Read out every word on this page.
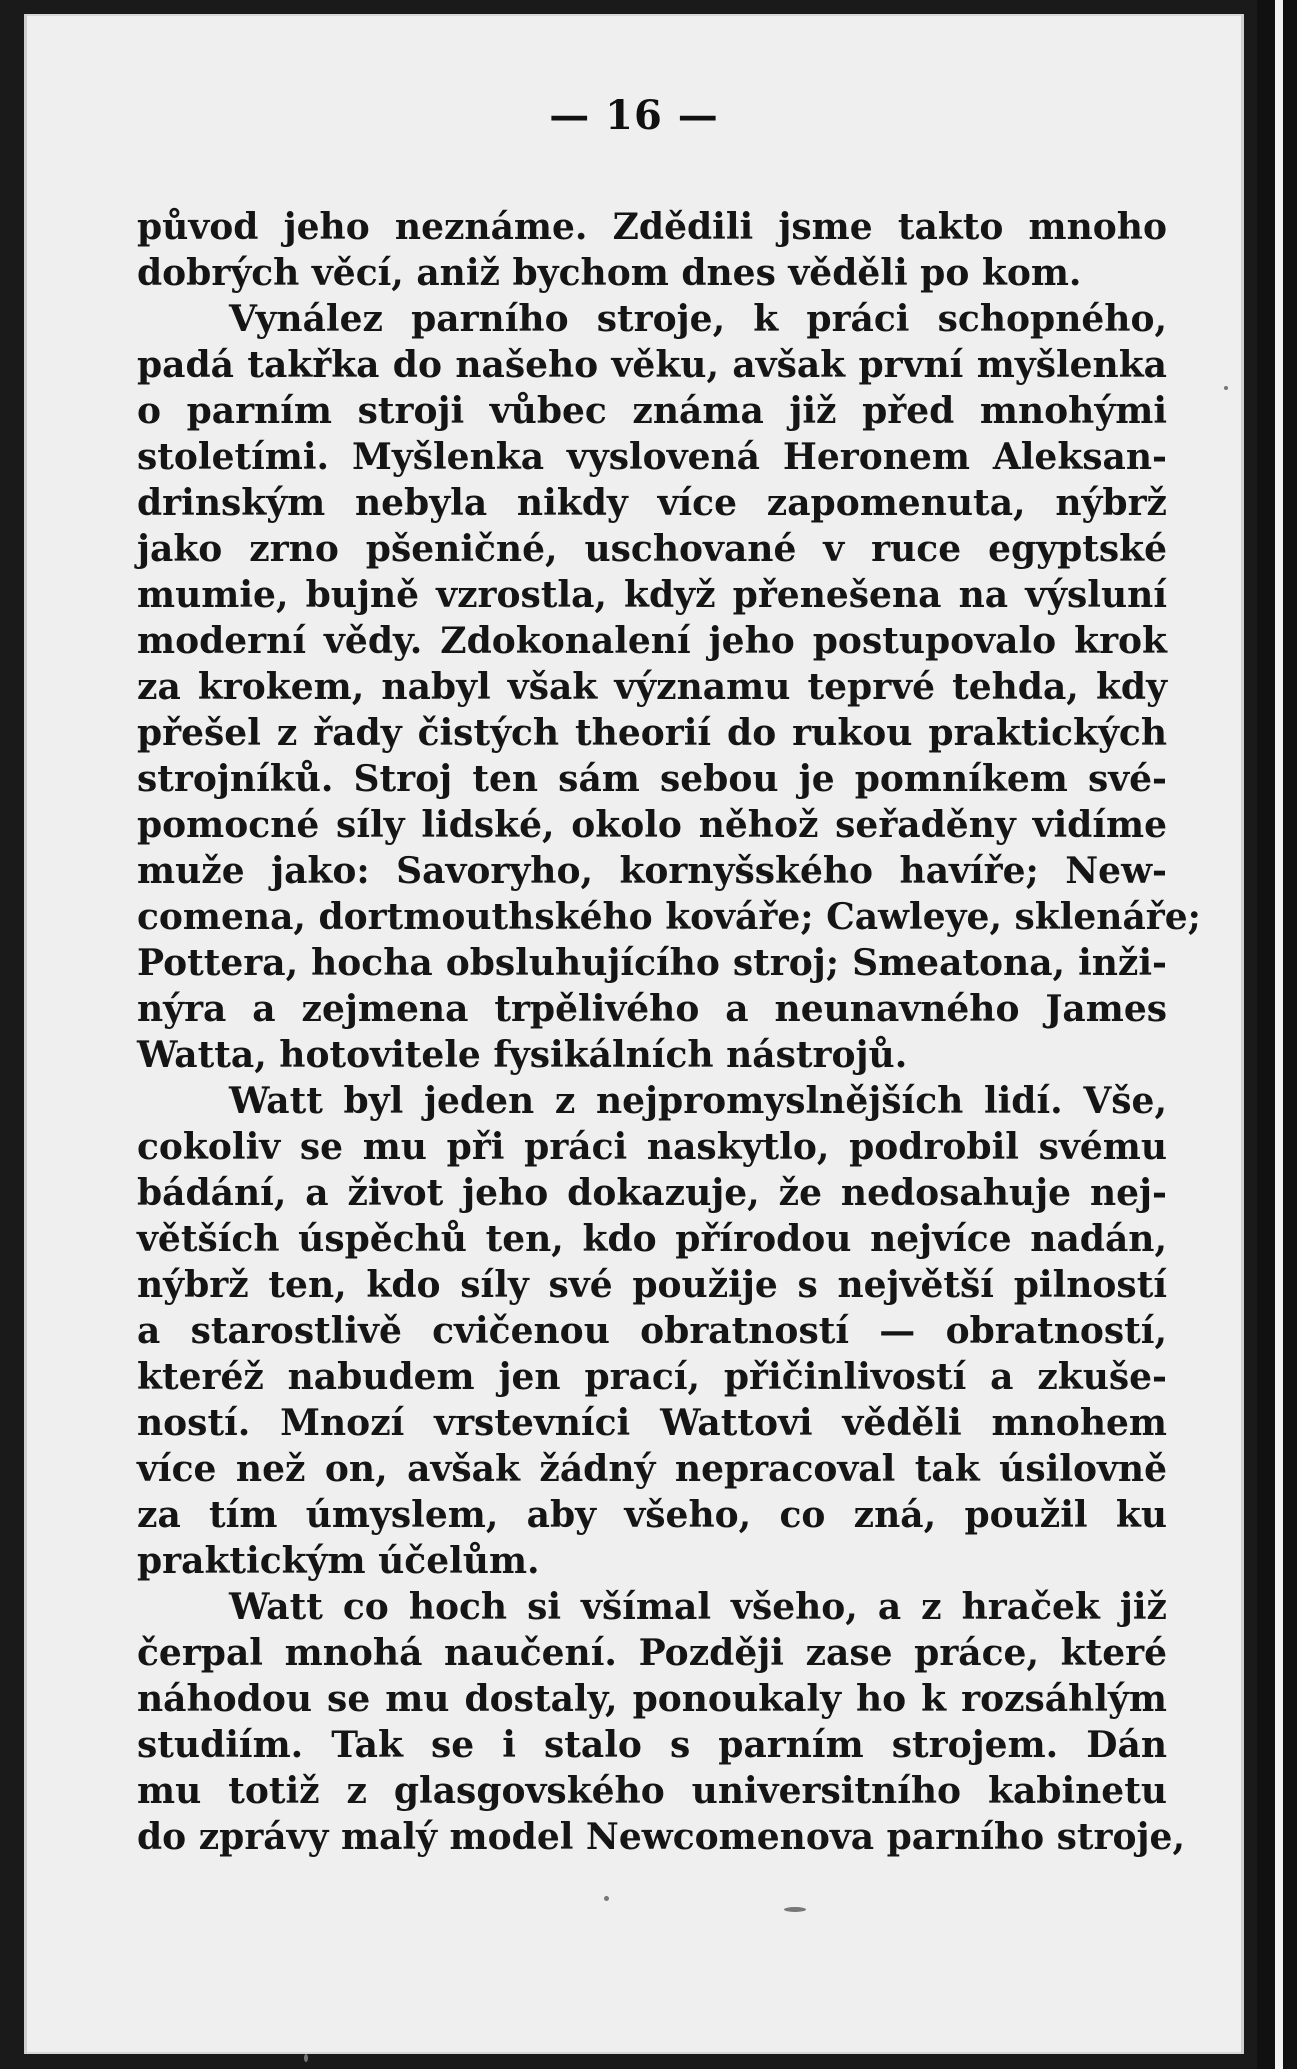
— 16 —
původ jeho neznáme. Zdědili jsme takto mnoho
dobrých věcí, aniž bychom dnes věděli po kom.
Vynález parního stroje, k práci schopného,
padá takřka do našeho věku, avšak první myšlenka
o parním stroji vůbec známa již před mnohými
stoletími. Myšlenka vyslovená Heronem Aleksan-
drinským nebyla nikdy více zapomenuta, nýbrž
jako zrno pšeničné, uschované v ruce egyptské
mumie, bujně vzrostla, když přenešena na výsluní
moderní vědy. Zdokonalení jeho postupovalo krok
za krokem, nabyl však významu teprvé tehda, kdy
přešel z řady čistých theorií do rukou praktických
strojníků. Stroj ten sám sebou je pomníkem své-
pomocné síly lidské, okolo něhož seřaděny vidíme
muže jako: Savoryho, kornyšského havíře; New-
comena, dortmouthského kováře; Cawleye, sklenáře;
Pottera, hocha obsluhujícího stroj; Smeatona, inži-
nýra a zejmena trpělivého a neunavného James
Watta, hotovitele fysikálních nástrojů.
Watt byl jeden z nejpromyslnějších lidí. Vše,
cokoliv se mu při práci naskytlo, podrobil svému
bádání, a život jeho dokazuje, že nedosahuje nej-
větších úspěchů ten, kdo přírodou nejvíce nadán,
nýbrž ten, kdo síly své použije s největší pilností
a starostlivě cvičenou obratností — obratností,
kteréž nabudem jen prací, přičinlivostí a zkuše-
ností. Mnozí vrstevníci Wattovi věděli mnohem
více než on, avšak žádný nepracoval tak úsilovně
za tím úmyslem, aby všeho, co zná, použil ku
praktickým účelům.
Watt co hoch si všímal všeho, a z hraček již
čerpal mnohá naučení. Později zase práce, které
náhodou se mu dostaly, ponoukaly ho k rozsáhlým
studiím. Tak se i stalo s parním strojem. Dán
mu totiž z glasgovského universitního kabinetu
do zprávy malý model Newcomenova parního stroje,
